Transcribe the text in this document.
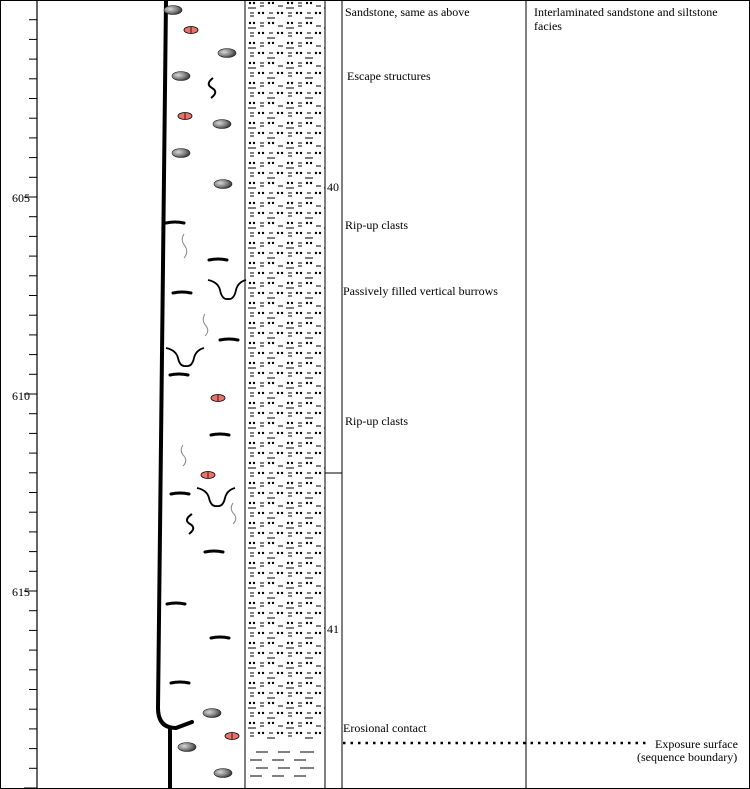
605
610
615
40
41
Sandstone, same as above
Escape structures
Rip-up clasts
Passively filled vertical burrows
Rip-up clasts
Erosional contact
Interlaminated sandstone and siltstone facies
Exposure surface
(sequence boundary)
